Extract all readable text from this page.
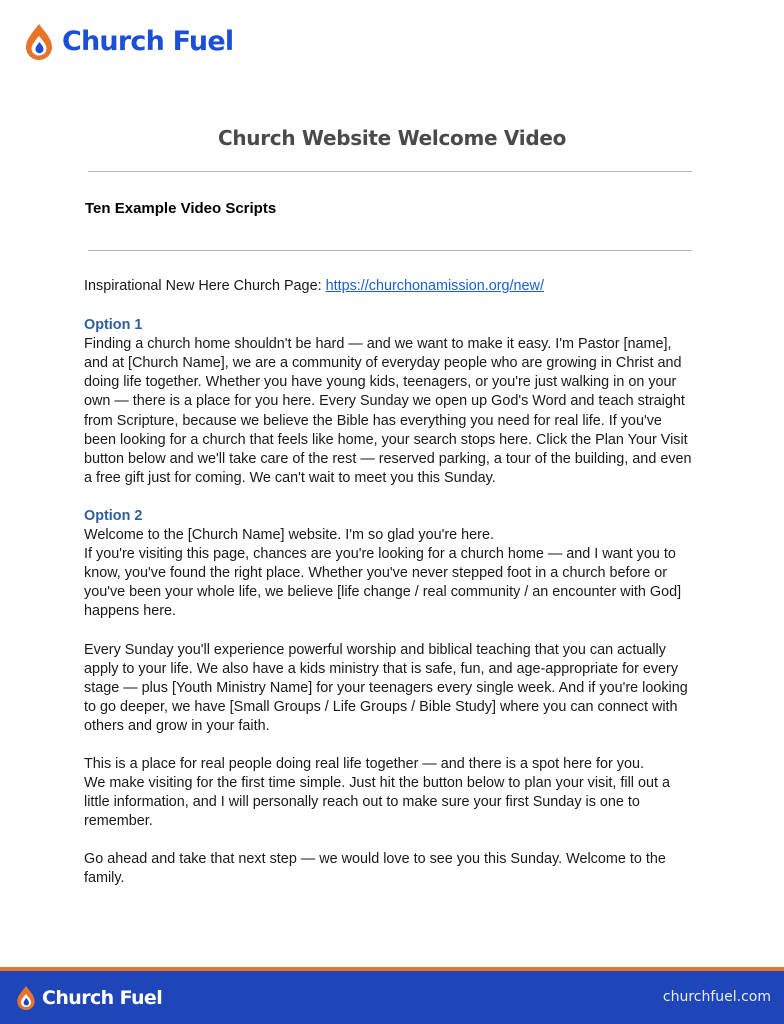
Church Fuel
Church Website Welcome Video
Ten Example Video Scripts

Inspirational New Here Church Page: https://churchonamission.org/new/

Option 1

Finding a church home shouldn't be hard — and we want to make it easy. I'm Pastor [name], and at [Church Name], we are a community of everyday people who are growing in Christ and doing life together. Whether you have young kids, teenagers, or you're just walking in on your own — there is a place for you here. Every Sunday we open up God's Word and teach straight from Scripture, because we believe the Bible has everything you need for real life. If you've been looking for a church that feels like home, your search stops here. Click the Plan Your Visit button below and we'll take care of the rest — reserved parking, a tour of the building, and even a free gift just for coming. We can't wait to meet you this Sunday.

Option 2

Welcome to the [Church Name] website. I'm so glad you're here.

If you're visiting this page, chances are you're looking for a church home — and I want you to know, you've found the right place. Whether you've never stepped foot in a church before or you've been your whole life, we believe [life change / real community / an encounter with God] happens here.

Every Sunday you'll experience powerful worship and biblical teaching that you can actually apply to your life. We also have a kids ministry that is safe, fun, and age-appropriate for every stage — plus [Youth Ministry Name] for your teenagers every single week. And if you're looking to go deeper, we have [Small Groups / Life Groups / Bible Study] where you can connect with others and grow in your faith.

This is a place for real people doing real life together — and there is a spot here for you.

We make visiting for the first time simple. Just hit the button below to plan your visit, fill out a little information, and I will personally reach out to make sure your first Sunday is one to remember.

Go ahead and take that next step — we would love to see you this Sunday. Welcome to the family.

Church Fuel	churchfuel.com
